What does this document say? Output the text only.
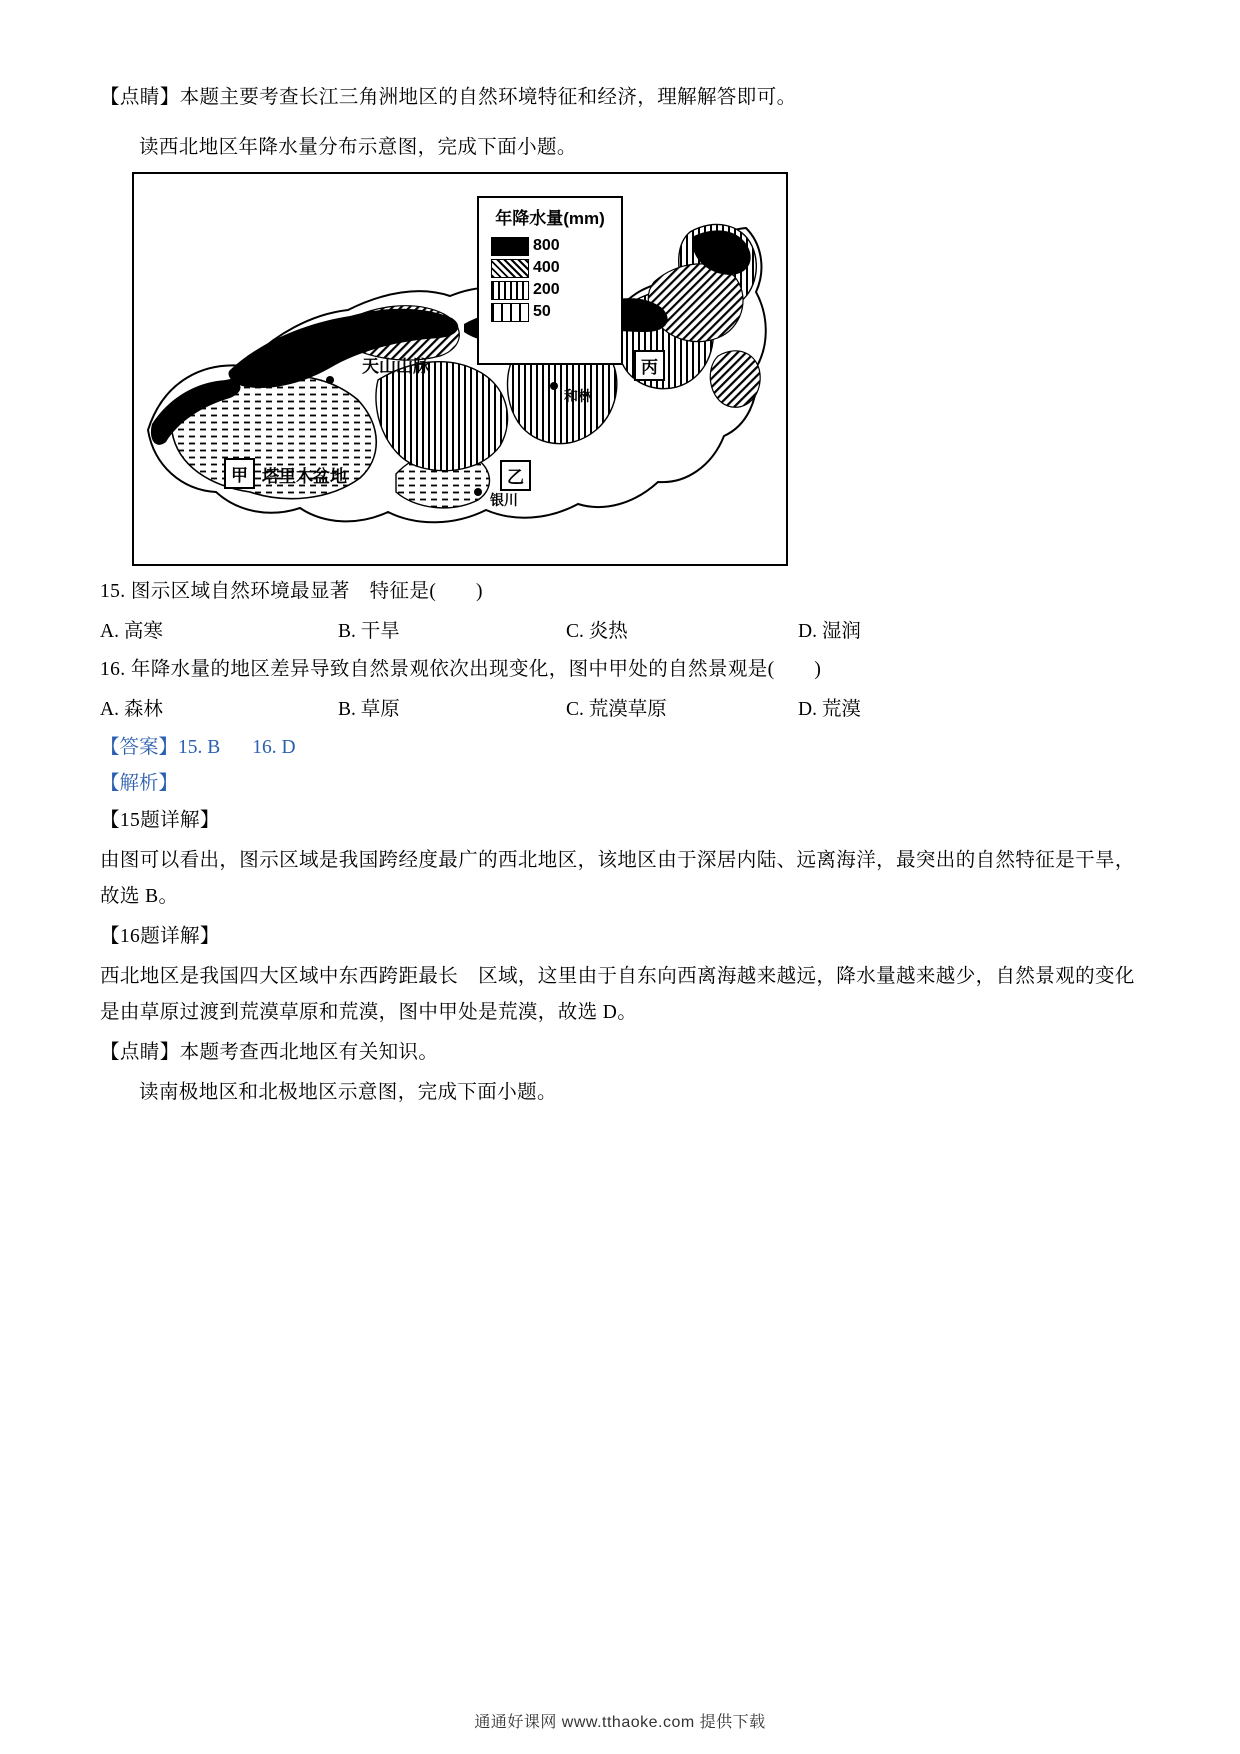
【点睛】本题主要考查长江三角洲地区的自然环境特征和经济，理解解答即可。
读西北地区年降水量分布示意图，完成下面小题。
年降水量(mm)
800
400
200
50
天山山脉
塔里木盆地
甲	乙
丙
银川
和林
15. 图示区域自然环境最显著　特征是(　　)
A. 高寒	B. 干旱	C. 炎热	D. 湿润
16. 年降水量的地区差异导致自然景观依次出现变化，图中甲处的自然景观是(　　)
A. 森林	B. 草原	C. 荒漠草原	D. 荒漠
【答案】15. B 16. D
【解析】
【15题详解】
由图可以看出，图示区域是我国跨经度最广的西北地区，该地区由于深居内陆、远离海洋，最突出的自然特征是干旱，故选 B。
【16题详解】
西北地区是我国四大区域中东西跨距最长　区域，这里由于自东向西离海越来越远，降水量越来越少，自然景观的变化是由草原过渡到荒漠草原和荒漠，图中甲处是荒漠，故选 D。
【点睛】本题考查西北地区有关知识。
读南极地区和北极地区示意图，完成下面小题。
通通好课网 www.tthaoke.com 提供下载
